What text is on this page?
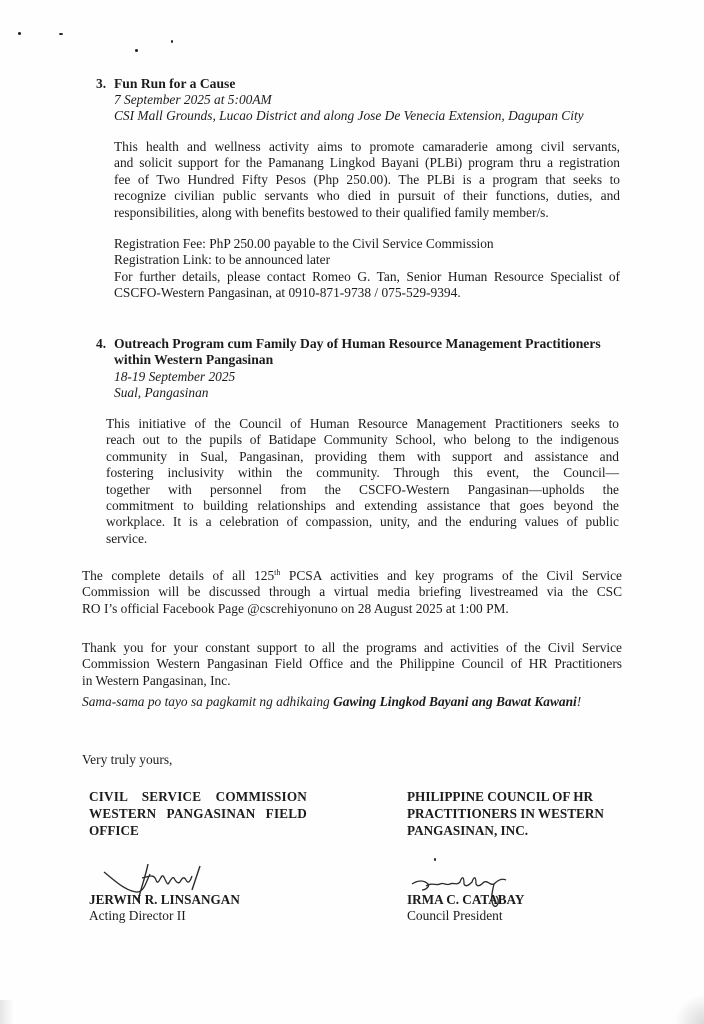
3. Fun Run for a Cause
7 September 2025 at 5:00AM
CSI Mall Grounds, Lucao District and along Jose De Venecia Extension, Dagupan City
This health and wellness activity aims to promote camaraderie among civil servants,
and solicit support for the Pamanang Lingkod Bayani (PLBi) program thru a registration
fee of Two Hundred Fifty Pesos (Php 250.00). The PLBi is a program that seeks to
recognize civilian public servants who died in pursuit of their functions, duties, and
responsibilities, along with benefits bestowed to their qualified family member/s.
Registration Fee: PhP 250.00 payable to the Civil Service Commission
Registration Link: to be announced later
For further details, please contact Romeo G. Tan, Senior Human Resource Specialist of
CSCFO-Western Pangasinan, at 0910-871-9738 / 075-529-9394.
4. Outreach Program cum Family Day of Human Resource Management Practitioners
within Western Pangasinan
18-19 September 2025
Sual, Pangasinan
This initiative of the Council of Human Resource Management Practitioners seeks to
reach out to the pupils of Batidape Community School, who belong to the indigenous
community in Sual, Pangasinan, providing them with support and assistance and
fostering inclusivity within the community. Through this event, the Council—
together with personnel from the CSCFO-Western Pangasinan—upholds the
commitment to building relationships and extending assistance that goes beyond the
workplace. It is a celebration of compassion, unity, and the enduring values of public
service.
The complete details of all 125th PCSA activities and key programs of the Civil Service
Commission will be discussed through a virtual media briefing livestreamed via the CSC
RO I’s official Facebook Page @cscrehiyonuno on 28 August 2025 at 1:00 PM.
Thank you for your constant support to all the programs and activities of the Civil Service
Commission Western Pangasinan Field Office and the Philippine Council of HR Practitioners
in Western Pangasinan, Inc.
Sama-sama po tayo sa pagkamit ng adhikaing Gawing Lingkod Bayani ang Bawat Kawani!
Very truly yours,
CIVIL SERVICE COMMISSION
WESTERN PANGASINAN FIELD
OFFICE
JERWIN R. LINSANGAN
Acting Director II
PHILIPPINE COUNCIL OF HR
PRACTITIONERS IN WESTERN
PANGASINAN, INC.
IRMA C. CATABAY
Council President
